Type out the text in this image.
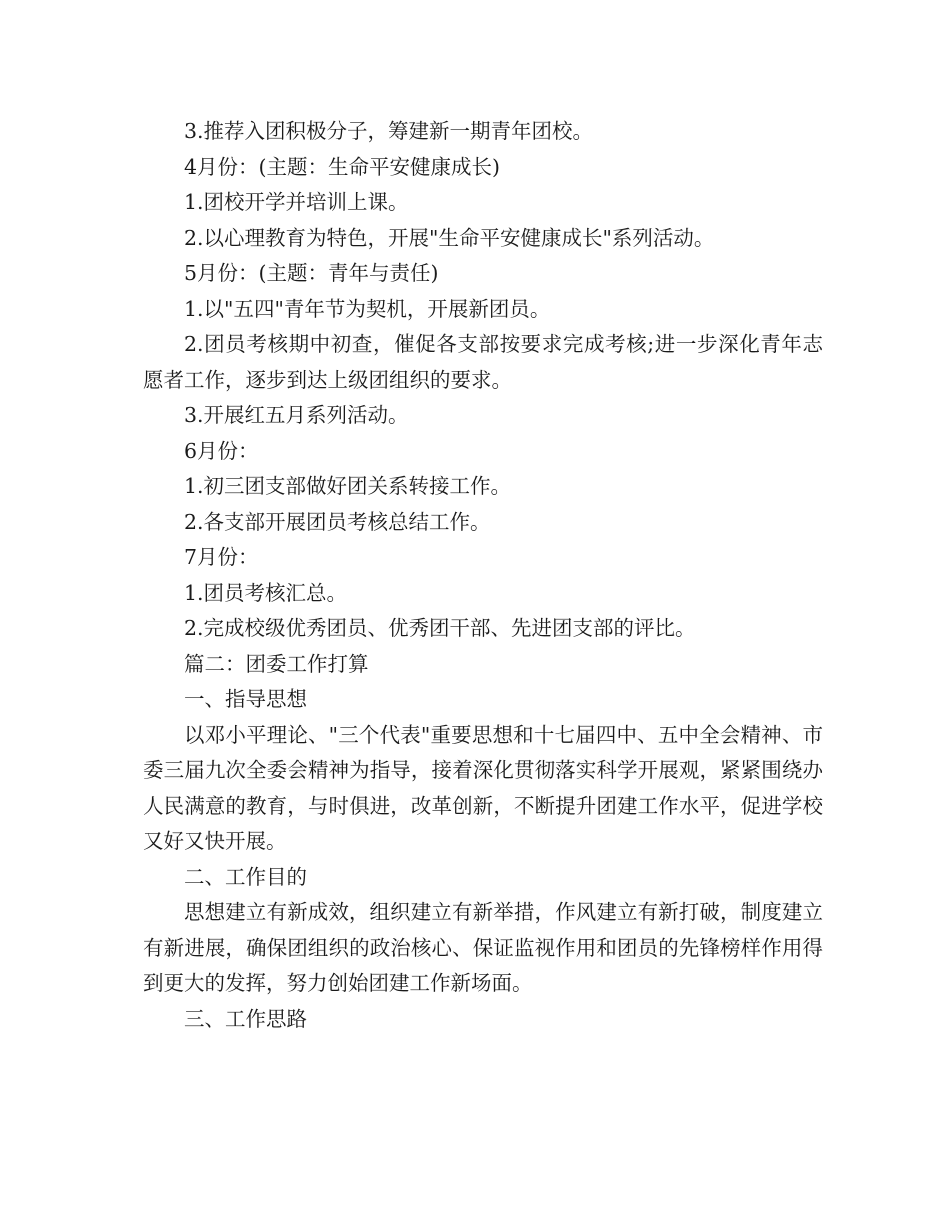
3.推荐入团积极分子，筹建新一期青年团校。

4月份：(主题：生命平安健康成长)

1.团校开学并培训上课。

2.以心理教育为特色，开展"生命平安健康成长"系列活动。

5月份：(主题：青年与责任)

1.以"五四"青年节为契机，开展新团员。

2.团员考核期中初查，催促各支部按要求完成考核;进一步深化青年志愿者工作，逐步到达上级团组织的要求。

3.开展红五月系列活动。

6月份：

1.初三团支部做好团关系转接工作。

2.各支部开展团员考核总结工作。

7月份：

1.团员考核汇总。

2.完成校级优秀团员、优秀团干部、先进团支部的评比。

篇二：团委工作打算

一、指导思想

以邓小平理论、"三个代表"重要思想和十七届四中、五中全会精神、市委三届九次全委会精神为指导，接着深化贯彻落实科学开展观，紧紧围绕办人民满意的教育，与时俱进，改革创新，不断提升团建工作水平，促进学校又好又快开展。

二、工作目的

思想建立有新成效，组织建立有新举措，作风建立有新打破，制度建立有新进展，确保团组织的政治核心、保证监视作用和团员的先锋榜样作用得到更大的发挥，努力创始团建工作新场面。

三、工作思路
